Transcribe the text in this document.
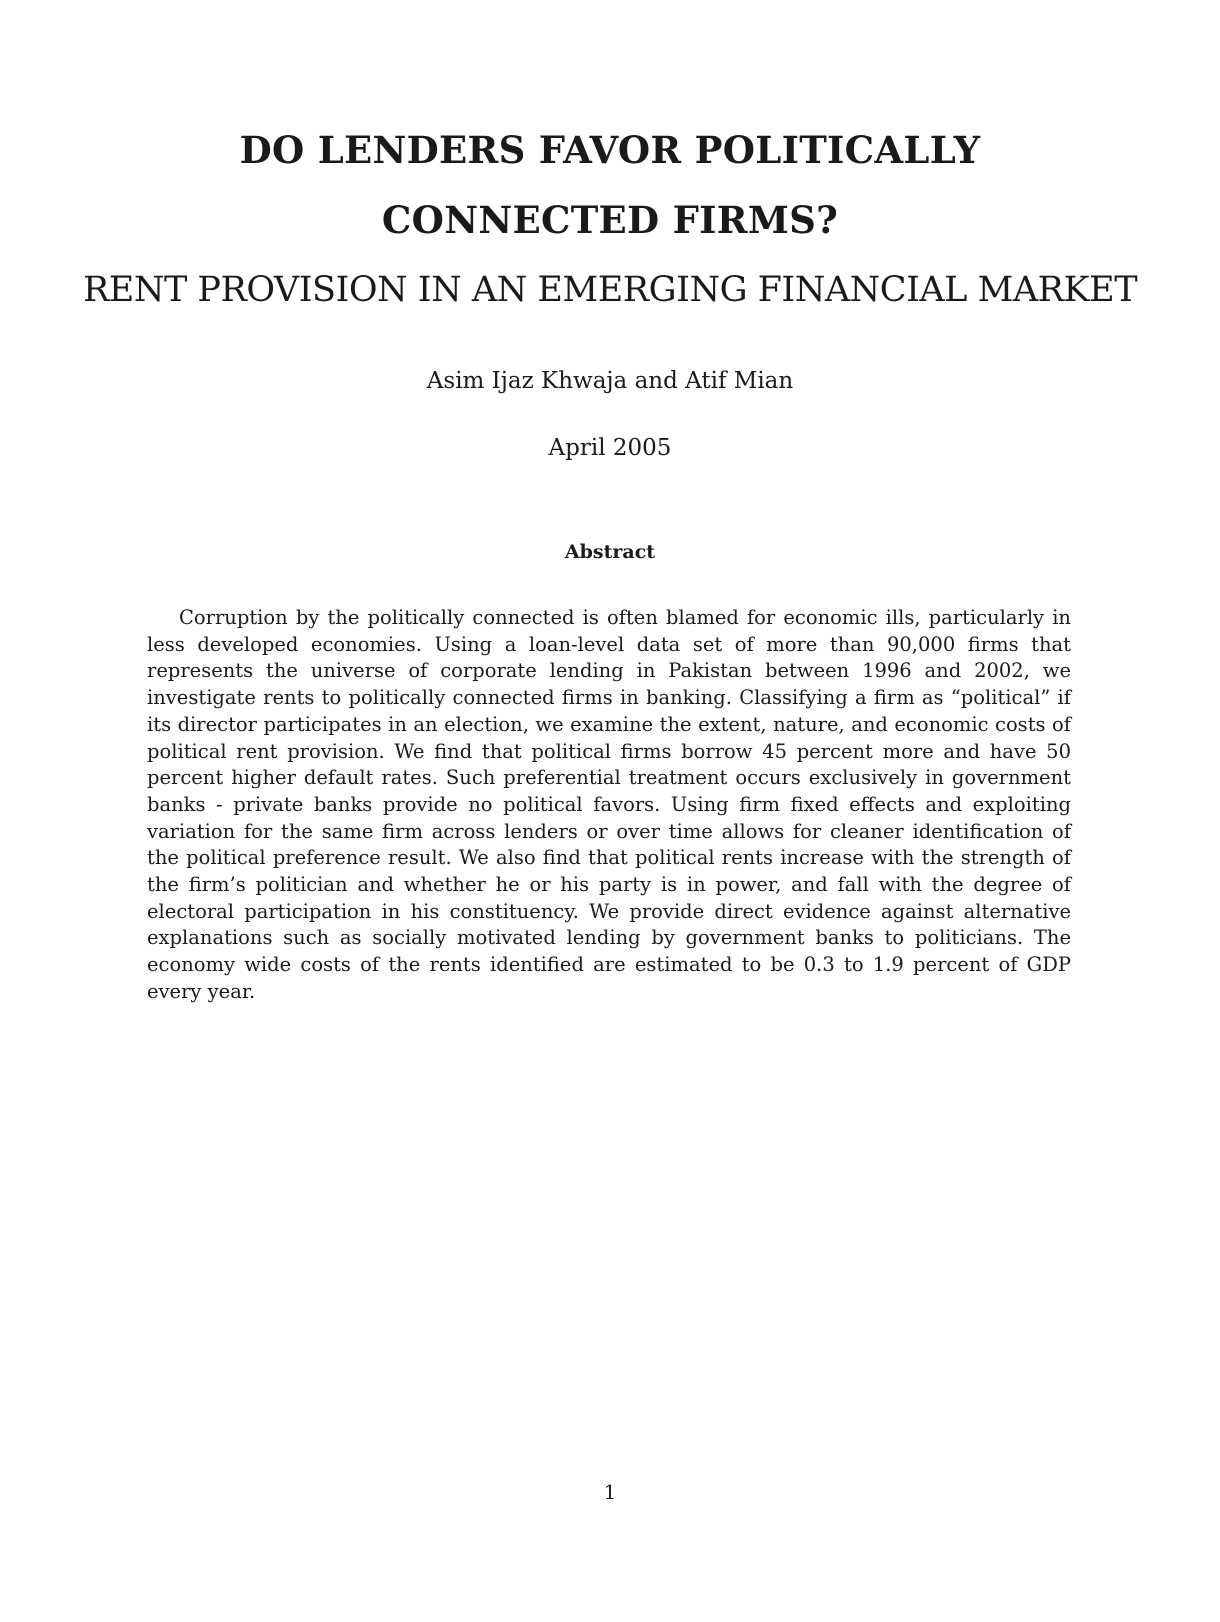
DO LENDERS FAVOR POLITICALLY
CONNECTED FIRMS?
RENT PROVISION IN AN EMERGING FINANCIAL MARKET
Asim Ijaz Khwaja and Atif Mian
April 2005
Abstract
Corruption by the politically connected is often blamed for economic ills, particularly in less developed economies. Using a loan-level data set of more than 90,000 firms that represents the universe of corporate lending in Pakistan between 1996 and 2002, we investigate rents to politically connected firms in banking. Classifying a firm as “political” if its director participates in an election, we examine the extent, nature, and economic costs of political rent provision. We find that political firms borrow 45 percent more and have 50 percent higher default rates. Such preferential treatment occurs exclusively in government banks - private banks provide no political favors. Using firm fixed effects and exploiting variation for the same firm across lenders or over time allows for cleaner identification of the political preference result. We also find that political rents increase with the strength of the firm’s politician and whether he or his party is in power, and fall with the degree of electoral participation in his constituency. We provide direct evidence against alternative explanations such as socially motivated lending by government banks to politicians. The economy wide costs of the rents identified are estimated to be 0.3 to 1.9 percent of GDP every year.
1
